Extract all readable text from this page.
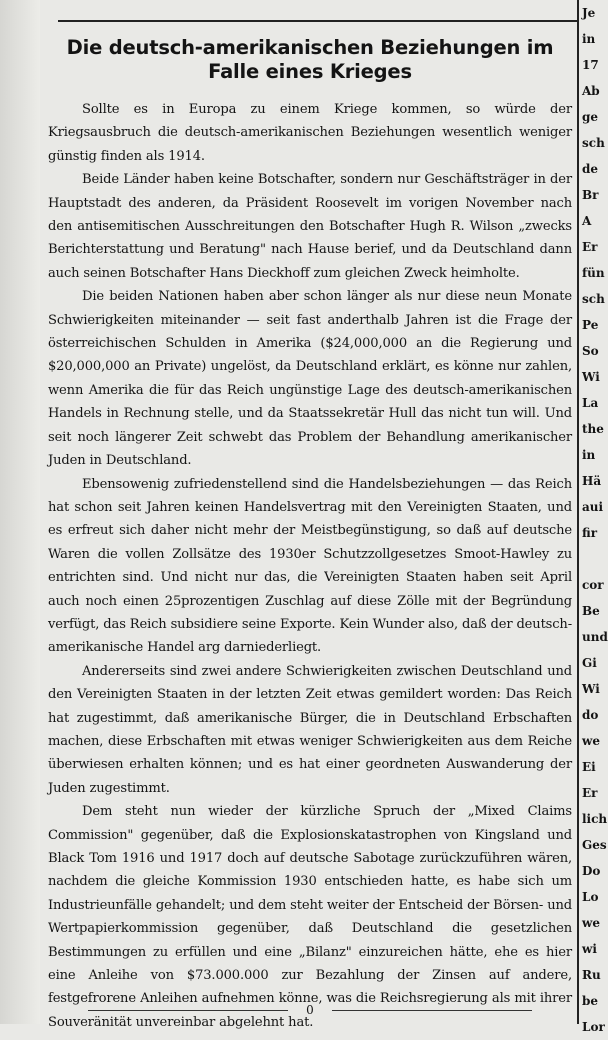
Die deutsch-amerikanischen Beziehungen im
Falle eines Krieges

Sollte es in Europa zu einem Kriege kommen, so würde der Kriegsausbruch die deutsch-amerikanischen Beziehungen wesentlich weniger günstig finden als 1914.

Beide Länder haben keine Botschafter, sondern nur Geschäftsträger in der Hauptstadt des anderen, da Präsident Roosevelt im vorigen November nach den antisemitischen Ausschreitungen den Botschafter Hugh R. Wilson „zwecks Berichterstattung und Beratung" nach Hause berief, und da Deutschland dann auch seinen Botschafter Hans Dieckhoff zum gleichen Zweck heimholte.

Die beiden Nationen haben aber schon länger als nur diese neun Monate Schwierigkeiten miteinander — seit fast anderthalb Jahren ist die Frage der österreichischen Schulden in Amerika ($24,000,000 an die Regierung und $20,000,000 an Private) ungelöst, da Deutschland erklärt, es könne nur zahlen, wenn Amerika die für das Reich ungünstige Lage des deutsch-amerikanischen Handels in Rechnung stelle, und da Staatssekretär Hull das nicht tun will. Und seit noch längerer Zeit schwebt das Problem der Behandlung amerikanischer Juden in Deutschland.

Ebensowenig zufriedenstellend sind die Handelsbeziehungen — das Reich hat schon seit Jahren keinen Handelsvertrag mit den Vereinigten Staaten, und es erfreut sich daher nicht mehr der Meistbegünstigung, so daß auf deutsche Waren die vollen Zollsätze des 1930er Schutzzollgesetzes Smoot-Hawley zu entrichten sind. Und nicht nur das, die Vereinigten Staaten haben seit April auch noch einen 25prozentigen Zuschlag auf diese Zölle mit der Begründung verfügt, das Reich subsidiere seine Exporte. Kein Wunder also, daß der deutsch-amerikanische Handel arg darniederliegt.

Andererseits sind zwei andere Schwierigkeiten zwischen Deutschland und den Vereinigten Staaten in der letzten Zeit etwas gemildert worden: Das Reich hat zugestimmt, daß amerikanische Bürger, die in Deutschland Erbschaften machen, diese Erbschaften mit etwas weniger Schwierigkeiten aus dem Reiche überwiesen erhalten können; und es hat einer geordneten Auswanderung der Juden zugestimmt.

Dem steht nun wieder der kürzliche Spruch der „Mixed Claims Commission" gegenüber, daß die Explosionskatastrophen von Kingsland und Black Tom 1916 und 1917 doch auf deutsche Sabotage zurückzuführen wären, nachdem die gleiche Kommission 1930 entschieden hatte, es habe sich um Industrieunfälle gehandelt; und dem steht weiter der Entscheid der Börsen- und Wertpapierkommission gegenüber, daß Deutschland die gesetzlichen Bestimmungen zu erfüllen und eine „Bilanz" einzureichen hätte, ehe es hier eine Anleihe von $73.000.000 zur Bezahlung der Zinsen auf andere, festgefrorene Anleihen aufnehmen könne, was die Reichsregierung als mit ihrer Souveränität unvereinbar abgelehnt hat.

0
Je
in
17
Ab
ge
sch
de
Br
A
Er
fün
sch
Pe
So
Wi
La
the
in
Hä
aui
fir
cor
Be
und
Gi
Wi
do
we
Ei
Er
lich
Ges
Do
Lo
we
wi
Ru
be
Lor
